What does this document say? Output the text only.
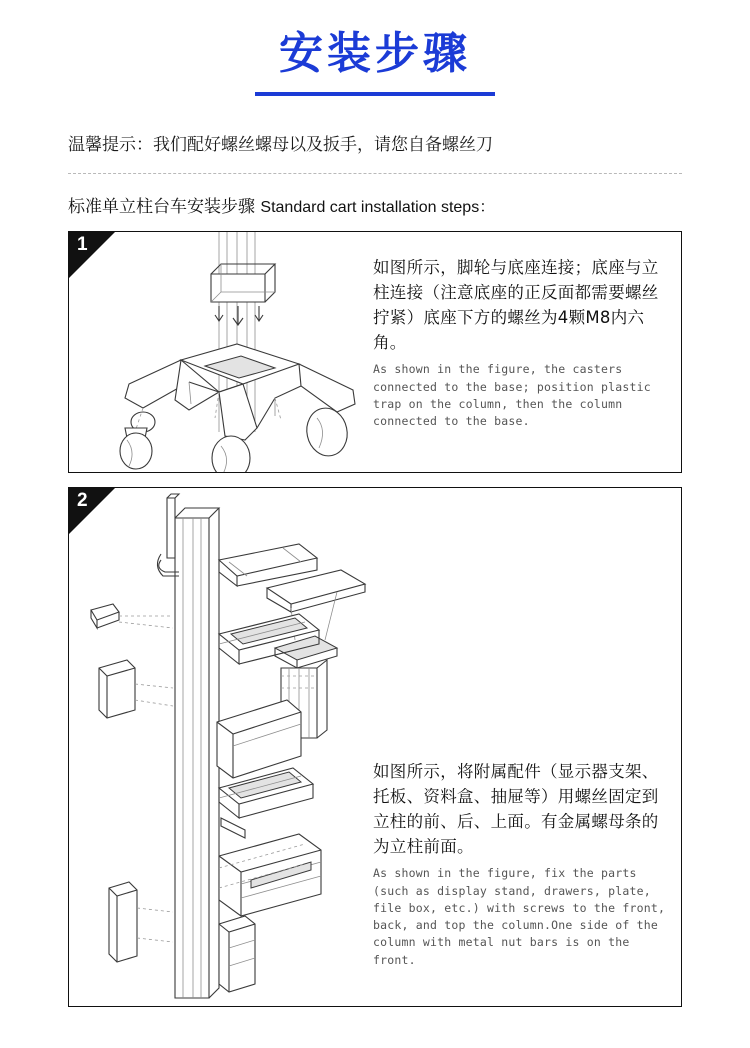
安装步骤
温馨提示：我们配好螺丝螺母以及扳手，请您自备螺丝刀
标准单立柱台车安装步骤 Standard cart installation steps：
1
如图所示，脚轮与底座连接；底座与立柱连接（注意底座的正反面都需要螺丝拧紧）底座下方的螺丝为4颗M8内六角。
As shown in the figure, the casters connected to the base; position plastic trap on the column, then the column connected to the base.
2
如图所示，将附属配件（显示器支架、托板、资料盒、抽屉等）用螺丝固定到立柱的前、后、上面。有金属螺母条的为立柱前面。
As shown in the figure, fix the parts (such as display stand, drawers, plate, file box, etc.) with screws to the front, back, and top the column.One side of the column with metal nut bars is on the front.
